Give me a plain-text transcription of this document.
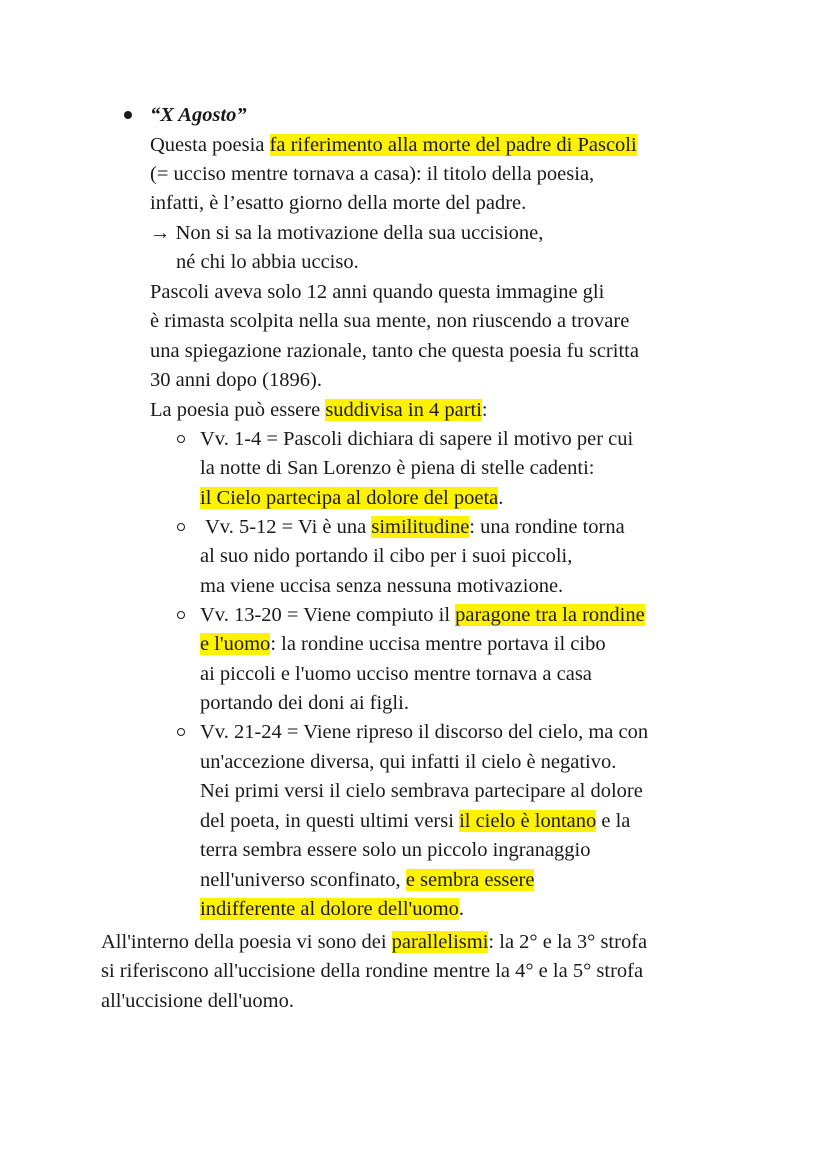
“X Agosto”
Questa poesia fa riferimento alla morte del padre di Pascoli
(= ucciso mentre tornava a casa): il titolo della poesia,
infatti, è l’esatto giorno della morte del padre.
→ Non si sa la motivazione della sua uccisione,
né chi lo abbia ucciso.
Pascoli aveva solo 12 anni quando questa immagine gli
è rimasta scolpita nella sua mente, non riuscendo a trovare
una spiegazione razionale, tanto che questa poesia fu scritta
30 anni dopo (1896).
La poesia può essere suddivisa in 4 parti:
Vv. 1-4 = Pascoli dichiara di sapere il motivo per cui
la notte di San Lorenzo è piena di stelle cadenti:
il Cielo partecipa al dolore del poeta.
Vv. 5-12 = Vi è una similitudine: una rondine torna
al suo nido portando il cibo per i suoi piccoli,
ma viene uccisa senza nessuna motivazione.
Vv. 13-20 = Viene compiuto il paragone tra la rondine
e l'uomo: la rondine uccisa mentre portava il cibo
ai piccoli e l'uomo ucciso mentre tornava a casa
portando dei doni ai figli.
Vv. 21-24 = Viene ripreso il discorso del cielo, ma con
un'accezione diversa, qui infatti il cielo è negativo.
Nei primi versi il cielo sembrava partecipare al dolore
del poeta, in questi ultimi versi il cielo è lontano e la
terra sembra essere solo un piccolo ingranaggio
nell'universo sconfinato, e sembra essere
indifferente al dolore dell'uomo.
All'interno della poesia vi sono dei parallelismi: la 2° e la 3° strofa
si riferiscono all'uccisione della rondine mentre la 4° e la 5° strofa
all'uccisione dell'uomo.
